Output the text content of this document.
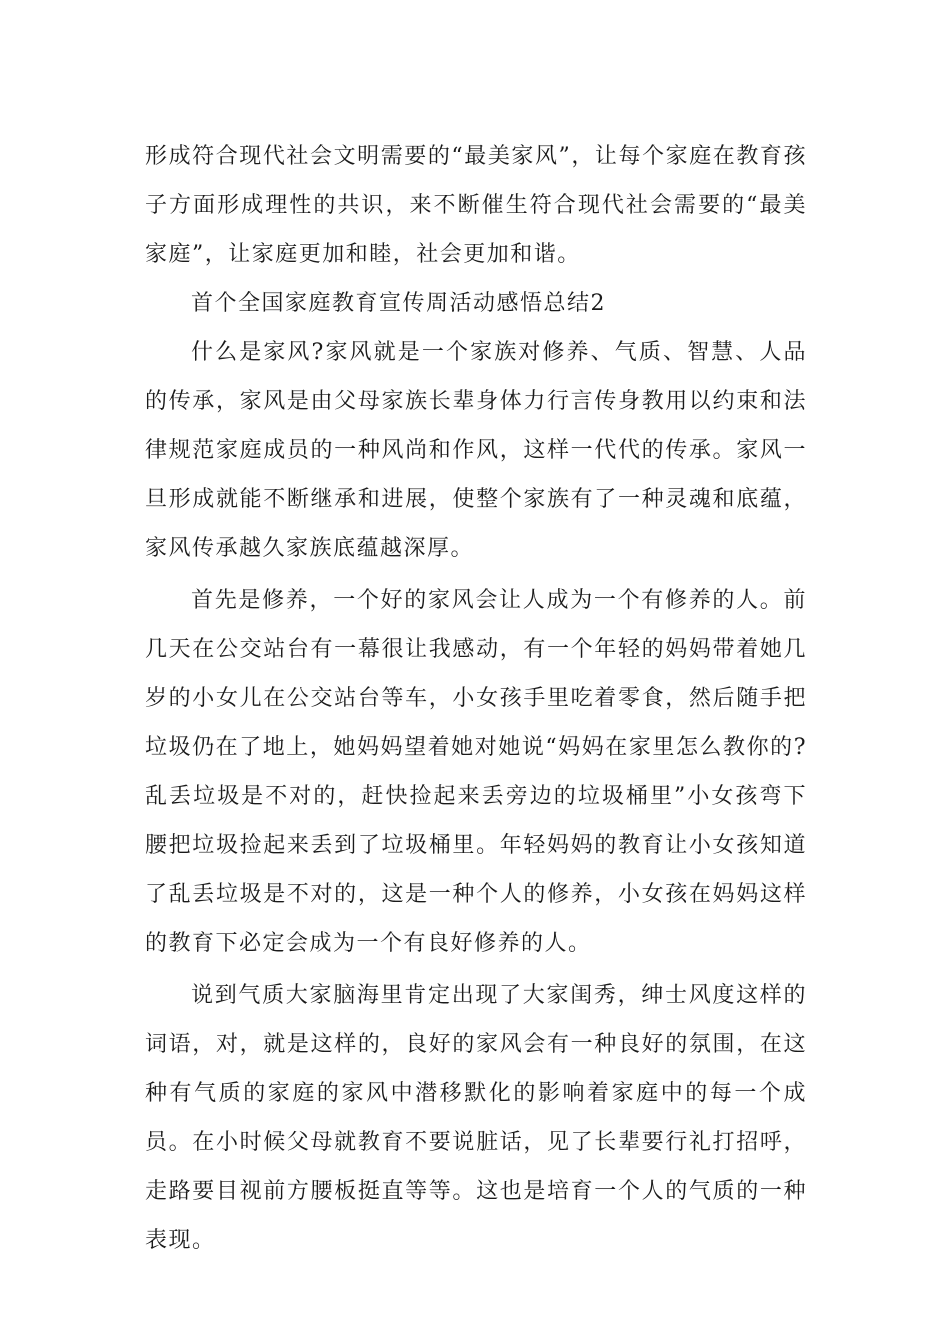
形成符合现代社会文明需要的“最美家风”，让每个家庭在教育孩子方面形成理性的共识，来不断催生符合现代社会需要的“最美家庭”，让家庭更加和睦，社会更加和谐。

首个全国家庭教育宣传周活动感悟总结2

什么是家风?家风就是一个家族对修养、气质、智慧、人品的传承，家风是由父母家族长辈身体力行言传身教用以约束和法律规范家庭成员的一种风尚和作风，这样一代代的传承。家风一旦形成就能不断继承和进展，使整个家族有了一种灵魂和底蕴，家风传承越久家族底蕴越深厚。

首先是修养，一个好的家风会让人成为一个有修养的人。前几天在公交站台有一幕很让我感动，有一个年轻的妈妈带着她几岁的小女儿在公交站台等车，小女孩手里吃着零食，然后随手把垃圾仍在了地上，她妈妈望着她对她说“妈妈在家里怎么教你的?乱丢垃圾是不对的，赶快捡起来丢旁边的垃圾桶里”小女孩弯下腰把垃圾捡起来丢到了垃圾桶里。年轻妈妈的教育让小女孩知道了乱丢垃圾是不对的，这是一种个人的修养，小女孩在妈妈这样的教育下必定会成为一个有良好修养的人。

说到气质大家脑海里肯定出现了大家闺秀，绅士风度这样的词语，对，就是这样的，良好的家风会有一种良好的氛围，在这种有气质的家庭的家风中潜移默化的影响着家庭中的每一个成员。在小时候父母就教育不要说脏话，见了长辈要行礼打招呼，走路要目视前方腰板挺直等等。这也是培育一个人的气质的一种表现。
